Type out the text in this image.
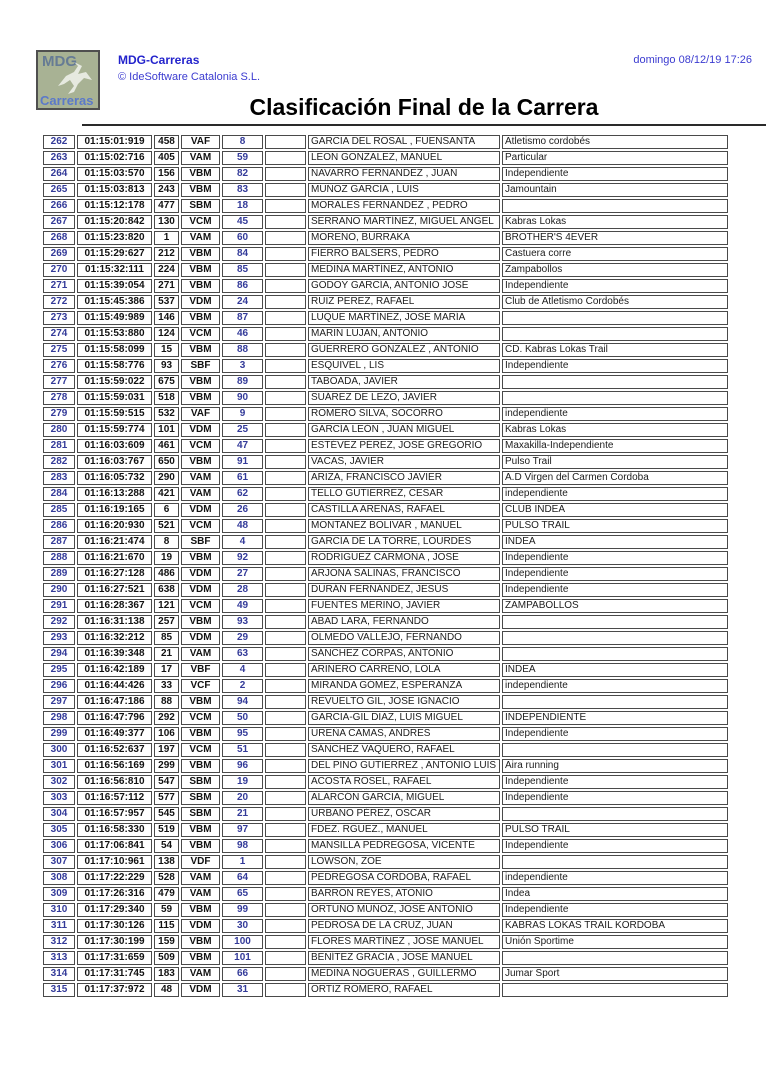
MDG
Carreras
MDG-Carreras
© IdeSoftware Catalonia S.L.
domingo 08/12/19 17:26
Clasificación Final de la Carrera
262	01:15:01:919	458	VAF	8		GARCIA DEL ROSAL , FUENSANTA	Atletismo cordobés
263	01:15:02:716	405	VAM	59		LEON GONZALEZ, MANUEL	Particular
264	01:15:03:570	156	VBM	82		NAVARRO FERNANDEZ , JUAN	Independiente
265	01:15:03:813	243	VBM	83		MUÑOZ GARCIA , LUIS	Jamountain
266	01:15:12:178	477	SBM	18		MORALES FERNÁNDEZ , PEDRO	
267	01:15:20:842	130	VCM	45		SERRANO MARTÍNEZ, MIGUEL ANGEL	Kabras Lokas
268	01:15:23:820	1	VAM	60		MORENO, BURRAKA	BROTHER'S 4EVER
269	01:15:29:627	212	VBM	84		FIERRO BALSERS, PEDRO	Castuera corre
270	01:15:32:111	224	VBM	85		MEDINA MARTÍNEZ, ANTONIO	Zampabollos
271	01:15:39:054	271	VBM	86		GODOY GARCÍA, ANTONIO JOSÉ	Independiente
272	01:15:45:386	537	VDM	24		RUIZ PEREZ, RAFAEL	Club de Atletismo Cordobés
273	01:15:49:989	146	VBM	87		LUQUE MARTÍNEZ, JOSÉ MARÍA	
274	01:15:53:880	124	VCM	46		MARIN LUJAN, ANTONIO	
275	01:15:58:099	15	VBM	88		GUERRERO GONZALEZ , ANTONIO	CD. Kabras Lokas Trail
276	01:15:58:776	93	SBF	3		ESQUIVEL , LIS	Independiente
277	01:15:59:022	675	VBM	89		TABOADA, JAVIER	
278	01:15:59:031	518	VBM	90		SUÁREZ DE LEZO, JAVIER	
279	01:15:59:515	532	VAF	9		ROMERO SILVA, SOCORRO	independiente
280	01:15:59:774	101	VDM	25		GARCÍA LEÓN , JUAN MIGUEL	Kabras Lokas
281	01:16:03:609	461	VCM	47		ESTÉVEZ PÉREZ, JOSÉ GREGORIO	Maxakilla-Independiente
282	01:16:03:767	650	VBM	91		VACAS, JAVIER	Pulso Trail
283	01:16:05:732	290	VAM	61		ARIZA, FRANCISCO JAVIER	A.D Virgen del Carmen Cordoba
284	01:16:13:288	421	VAM	62		TELLO GUTIERREZ, CESAR	independiente
285	01:16:19:165	6	VDM	26		CASTILLA ARENAS, RAFAEL	CLUB INDEA
286	01:16:20:930	521	VCM	48		MONTAÑEZ BOLIVAR , MANUEL	PULSO TRAIL
287	01:16:21:474	8	SBF	4		GARCÍA DE LA TORRE, LOURDES	INDEA
288	01:16:21:670	19	VBM	92		RODRIGUEZ CARMONA , JOSE	Independiente
289	01:16:27:128	486	VDM	27		ARJONA SALINAS, FRANCISCO	Independiente
290	01:16:27:521	638	VDM	28		DURÁN FERNÁNDEZ, JESÚS	Independiente
291	01:16:28:367	121	VCM	49		FUENTES MERINO, JAVIER	ZAMPABOLLOS
292	01:16:31:138	257	VBM	93		ABAD LARA, FERNANDO	
293	01:16:32:212	85	VDM	29		OLMEDO VALLEJO, FERNANDO	
294	01:16:39:348	21	VAM	63		SÁNCHEZ CORPAS, ANTONIO	
295	01:16:42:189	17	VBF	4		ARINERO CARREÑO, LOLA	INDEA
296	01:16:44:426	33	VCF	2		MIRANDA GÓMEZ, ESPERANZA	independiente
297	01:16:47:186	88	VBM	94		REVUELTO GIL, JOSE IGNACIO	
298	01:16:47:796	292	VCM	50		GARCIA-GIL DIAZ, LUIS MIGUEL	INDEPENDIENTE
299	01:16:49:377	106	VBM	95		UREÑA CAMAS, ANDRES	Independiente
300	01:16:52:637	197	VCM	51		SÁNCHEZ VAQUERO, RAFAEL	
301	01:16:56:169	299	VBM	96		DEL PINO GUTIERREZ , ANTONIO LUIS	Aira running
302	01:16:56:810	547	SBM	19		ACOSTA ROSEL, RAFAEL	Independiente
303	01:16:57:112	577	SBM	20		ALARCÓN GARCIA, MIGUEL	Independiente
304	01:16:57:957	545	SBM	21		URBANO PÉREZ, OSCAR	
305	01:16:58:330	519	VBM	97		FDEZ. RGUEZ., MANUEL	PULSO TRAIL
306	01:17:06:841	54	VBM	98		MANSILLA PEDREGOSA, VICENTE	Independiente
307	01:17:10:961	138	VDF	1		LOWSON, ZOE	
308	01:17:22:229	528	VAM	64		PEDREGOSA CORDOBA, RAFAEL	independiente
309	01:17:26:316	479	VAM	65		BARRON REYES, ATONIO	Indea
310	01:17:29:340	59	VBM	99		ORTUÑO MUÑOZ, JOSÉ ANTONIO	Independiente
311	01:17:30:126	115	VDM	30		PEDROSA DE LA CRUZ, JUAN	KABRAS LOKAS TRAIL KORDOBA
312	01:17:30:199	159	VBM	100		FLORES MARTÍNEZ , JOSE MANUEL	Unión Sportime
313	01:17:31:659	509	VBM	101		BENÍTEZ GRACIA , JOSE MANUEL	
314	01:17:31:745	183	VAM	66		MEDINA NOGUERAS , GUILLERMO	Jumar Sport
315	01:17:37:972	48	VDM	31		ORTIZ ROMERO, RAFAEL	
